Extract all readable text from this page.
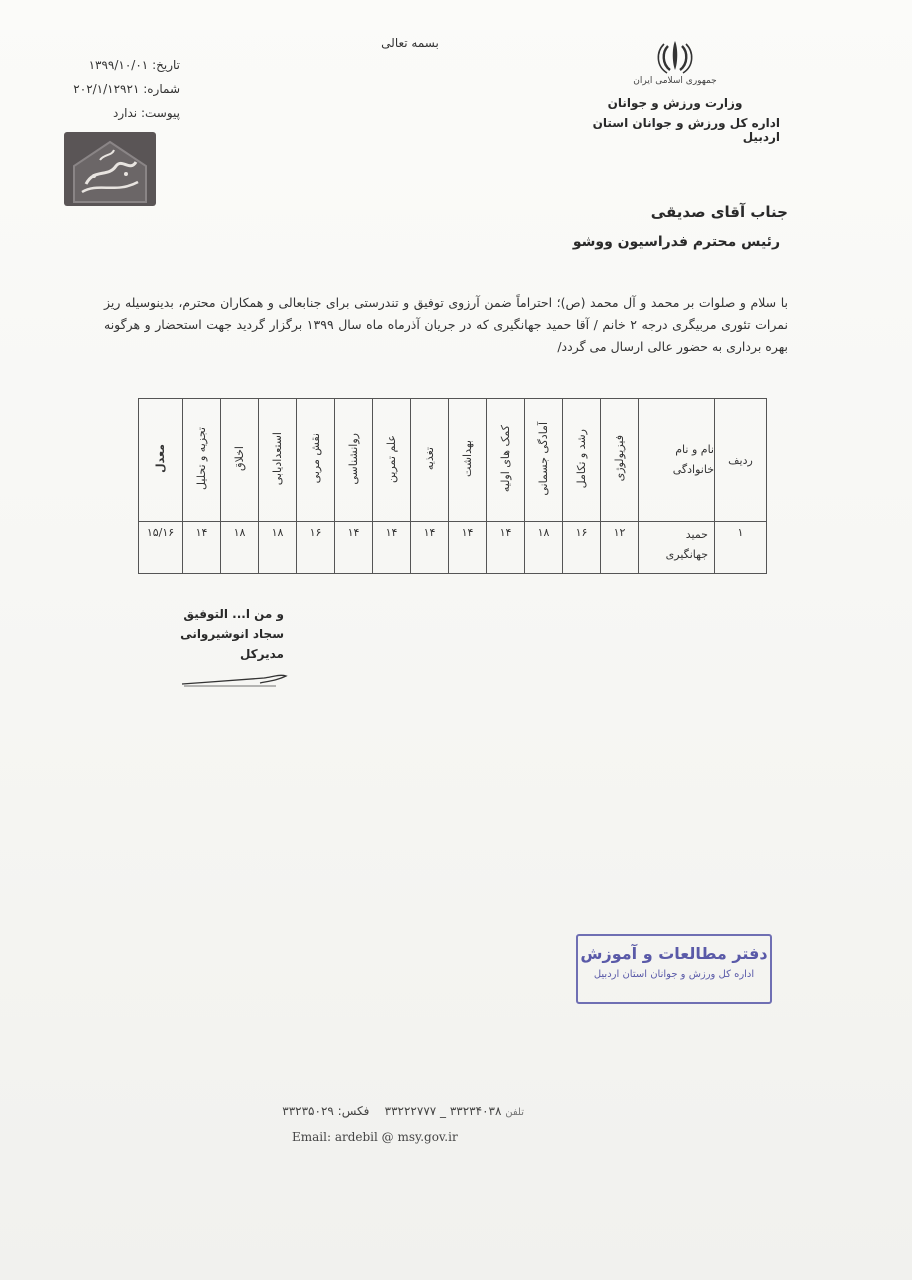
بسمه تعالی
تاریخ: ۱۳۹۹/۱۰/۰۱
شماره: ۲۰۲/۱/۱۲۹۲۱
پیوست: ندارد
جمهوری اسلامی ایران
وزارت ورزش و جوانان
اداره کل ورزش و جوانان استان اردبیل
جناب آقای صدیقی
رئیس محترم فدراسیون ووشو
با سلام و صلوات بر محمد و آل محمد (ص)؛ احتراماً ضمن آرزوی توفیق و تندرستی برای جنابعالی و همکاران محترم، بدینوسیله ریز نمرات تئوری مربیگری درجه ۲ خانم / آقا حمید جهانگیری که در جریان آذرماه ماه سال ۱۳۹۹ برگزار گردید جهت استحضار و هرگونه بهره برداری به حضور عالی ارسال می گردد/
ردیف	نام و نام خانوادگی	فیزیولوژی	رشد و تکامل	آمادگی جسمانی	کمک های اولیه	بهداشت	تغذیه	علم تمرین	روانشناسی	نقش مربی	استعدادیابی	اخلاق	تجزیه و تحلیل	معدل
۱	حمید جهانگیری	۱۲	۱۶	۱۸	۱۴	۱۴	۱۴	۱۴	۱۴	۱۶	۱۸	۱۸	۱۴	۱۵/۱۶
و من ا... التوفیق
سجاد انوشیروانی
مدیرکل
دفتر مطالعات و آموزش
اداره کل ورزش و جوانان استان اردبیل
تلفن ۳۳۲۳۴۰۳۸ _ ۳۳۲۲۲۷۷۷    فکس: ۳۳۲۳۵۰۲۹
Email: ardebil @ msy.gov.ir
